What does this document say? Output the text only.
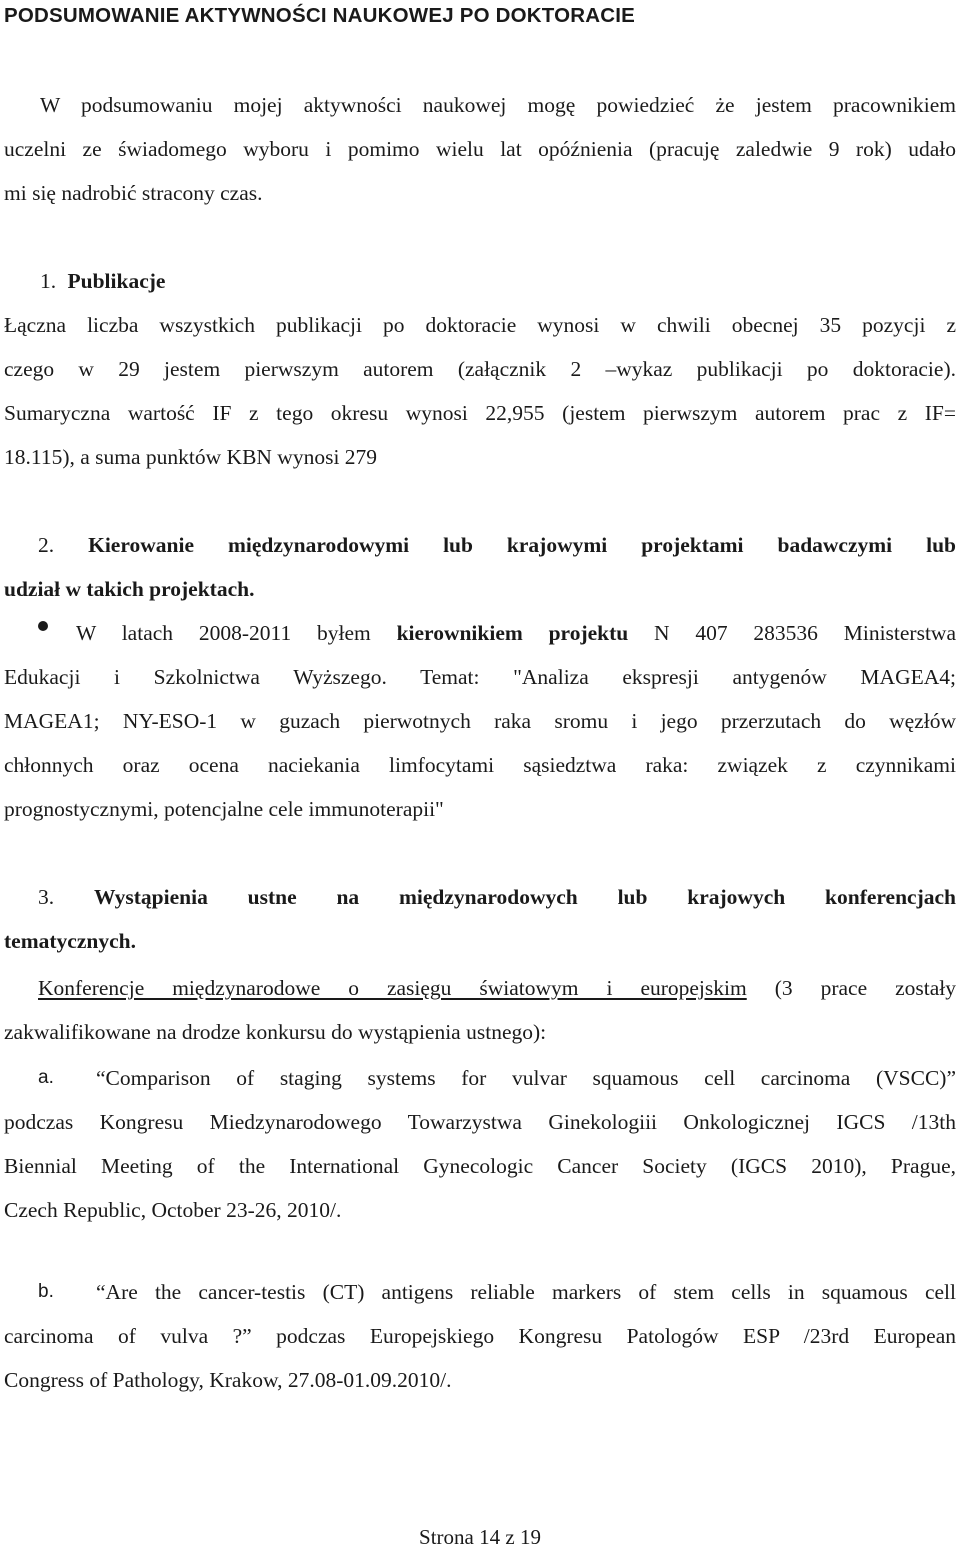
PODSUMOWANIE AKTYWNOŚCI NAUKOWEJ PO DOKTORACIE
W podsumowaniu mojej aktywności naukowej mogę powiedzieć że jestem pracownikiem
uczelni ze świadomego wyboru i pomimo wielu lat opóźnienia (pracuję zaledwie 9 rok) udało
mi się nadrobić stracony czas.
1. Publikacje
Łączna liczba wszystkich publikacji po doktoracie wynosi w chwili obecnej 35 pozycji z
czego w 29 jestem pierwszym autorem (załącznik 2 –wykaz publikacji po doktoracie).
Sumaryczna wartość IF z tego okresu wynosi 22,955 (jestem pierwszym autorem prac z IF=
18.115), a suma punktów KBN wynosi 279
2. Kierowanie międzynarodowymi lub krajowymi projektami badawczymi lub
udział w takich projektach.
W latach 2008-2011 byłem kierownikiem projektu N 407 283536 Ministerstwa
Edukacji i Szkolnictwa Wyższego. Temat: "Analiza ekspresji antygenów MAGEA4;
MAGEA1; NY-ESO-1 w guzach pierwotnych raka sromu i jego przerzutach do węzłów
chłonnych oraz ocena naciekania limfocytami sąsiedztwa raka: związek z czynnikami
prognostycznymi, potencjalne cele immunoterapii"
3. Wystąpienia ustne na międzynarodowych lub krajowych konferencjach
tematycznych.
Konferencje międzynarodowe o zasięgu światowym i europejskim (3 prace zostały
zakwalifikowane na drodze konkursu do wystąpienia ustnego):
a.	“Comparison of staging systems for vulvar squamous cell carcinoma (VSCC)”
podczas Kongresu Miedzynarodowego Towarzystwa Ginekologiii Onkologicznej IGCS /13th
Biennial Meeting of the International Gynecologic Cancer Society (IGCS 2010), Prague,
Czech Republic, October 23-26, 2010/.
b.	“Are the cancer-testis (CT) antigens reliable markers of stem cells in squamous cell
carcinoma of vulva ?” podczas Europejskiego Kongresu Patologów ESP /23rd European
Congress of Pathology, Krakow, 27.08-01.09.2010/.
Strona 14 z 19
